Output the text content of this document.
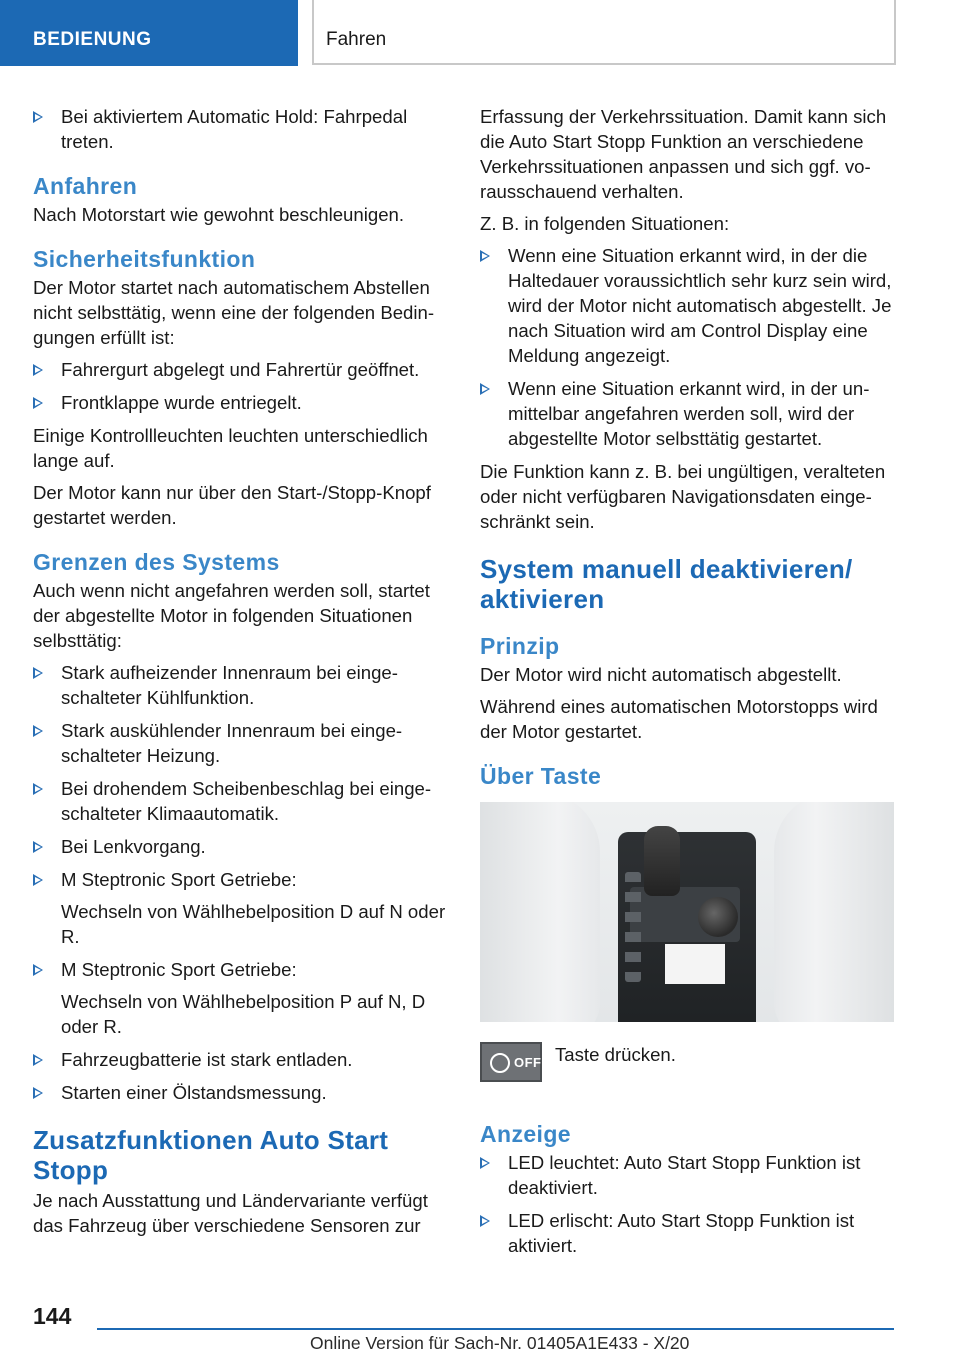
BEDIENUNG	Fahren
Bei aktiviertem Automatic Hold: Fahrpedal treten.
Anfahren
Nach Motorstart wie gewohnt beschleunigen.
Sicherheitsfunktion
Der Motor startet nach automatischem Abstellen nicht selbsttätig, wenn eine der folgenden Bedingungen erfüllt ist:
Fahrergurt abgelegt und Fahrertür geöffnet.
Frontklappe wurde entriegelt.
Einige Kontrollleuchten leuchten unterschiedlich lange auf.
Der Motor kann nur über den Start-/Stopp-Knopf gestartet werden.
Grenzen des Systems
Auch wenn nicht angefahren werden soll, startet der abgestellte Motor in folgenden Situationen selbsttätig:
Stark aufheizender Innenraum bei eingeschalteter Kühlfunktion.
Stark auskühlender Innenraum bei eingeschalteter Heizung.
Bei drohendem Scheibenbeschlag bei eingeschalteter Klimaautomatik.
Bei Lenkvorgang.
M Steptronic Sport Getriebe:
Wechseln von Wählhebelposition D auf N oder R.
M Steptronic Sport Getriebe:
Wechseln von Wählhebelposition P auf N, D oder R.
Fahrzeugbatterie ist stark entladen.
Starten einer Ölstandsmessung.
Zusatzfunktionen Auto Start Stopp
Je nach Ausstattung und Ländervariante verfügt das Fahrzeug über verschiedene Sensoren zur
Erfassung der Verkehrssituation. Damit kann sich die Auto Start Stopp Funktion an verschiedene Verkehrssituationen anpassen und sich ggf. vorausschauend verhalten.
Z. B. in folgenden Situationen:
Wenn eine Situation erkannt wird, in der die Haltedauer voraussichtlich sehr kurz sein wird, wird der Motor nicht automatisch abgestellt. Je nach Situation wird am Control Display eine Meldung angezeigt.
Wenn eine Situation erkannt wird, in der unmittelbar angefahren werden soll, wird der abgestellte Motor selbsttätig gestartet.
Die Funktion kann z. B. bei ungültigen, veralteten oder nicht verfügbaren Navigationsdaten eingeschränkt sein.
System manuell deaktivieren/ aktivieren
Prinzip
Der Motor wird nicht automatisch abgestellt.
Während eines automatischen Motorstopps wird der Motor gestartet.
Über Taste
OFF Taste drücken.
Anzeige
LED leuchtet: Auto Start Stopp Funktion ist deaktiviert.
LED erlischt: Auto Start Stopp Funktion ist aktiviert.
144
Online Version für Sach-Nr. 01405A1E433 - X/20
